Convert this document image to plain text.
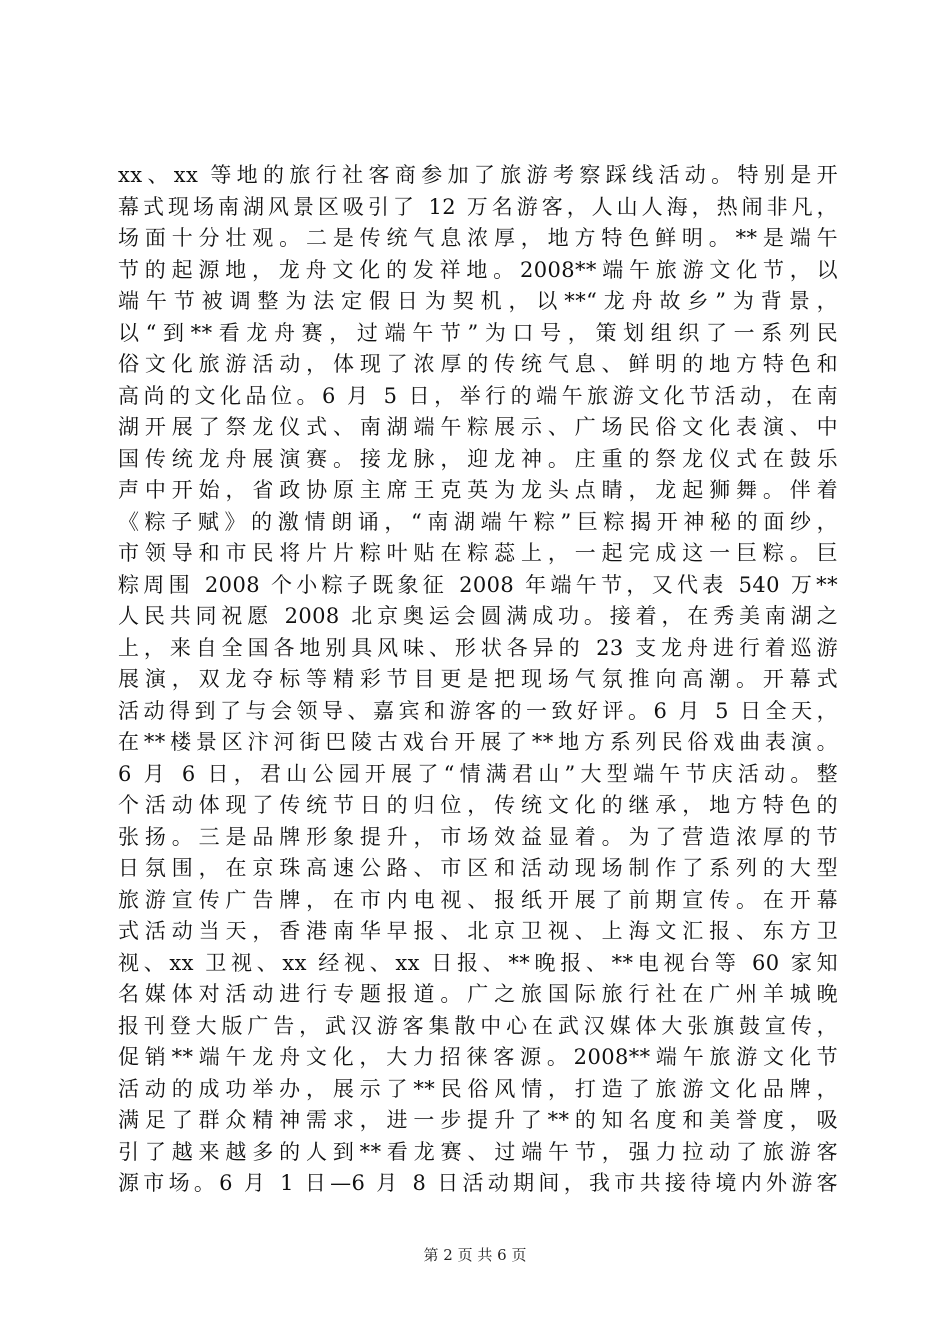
xx、xx 等地的旅行社客商参加了旅游考察踩线活动。特别是开
幕式现场南湖风景区吸引了 12 万名游客，人山人海，热闹非凡，
场面十分壮观。二是传统气息浓厚，地方特色鲜明。**是端午
节的起源地，龙舟文化的发祥地。2008**端午旅游文化节，以
端午节被调整为法定假日为契机，以**“龙舟故乡”为背景，
以“到**看龙舟赛，过端午节”为口号，策划组织了一系列民
俗文化旅游活动，体现了浓厚的传统气息、鲜明的地方特色和
高尚的文化品位。6 月 5 日，举行的端午旅游文化节活动，在南
湖开展了祭龙仪式、南湖端午粽展示、广场民俗文化表演、中
国传统龙舟展演赛。接龙脉，迎龙神。庄重的祭龙仪式在鼓乐
声中开始，省政协原主席王克英为龙头点睛，龙起狮舞。伴着
《粽子赋》的激情朗诵，“南湖端午粽”巨粽揭开神秘的面纱，
市领导和市民将片片粽叶贴在粽蕊上，一起完成这一巨粽。巨
粽周围 2008 个小粽子既象征 2008 年端午节，又代表 540 万**
人民共同祝愿 2008 北京奥运会圆满成功。接着，在秀美南湖之
上，来自全国各地别具风味、形状各异的 23 支龙舟进行着巡游
展演，双龙夺标等精彩节目更是把现场气氛推向高潮。开幕式
活动得到了与会领导、嘉宾和游客的一致好评。6 月 5 日全天，
在**楼景区汴河街巴陵古戏台开展了**地方系列民俗戏曲表演。
6 月 6 日，君山公园开展了“情满君山”大型端午节庆活动。整
个活动体现了传统节日的归位，传统文化的继承，地方特色的
张扬。三是品牌形象提升，市场效益显着。为了营造浓厚的节
日氛围，在京珠高速公路、市区和活动现场制作了系列的大型
旅游宣传广告牌，在市内电视、报纸开展了前期宣传。在开幕
式活动当天，香港南华早报、北京卫视、上海文汇报、东方卫
视、xx 卫视、xx 经视、xx 日报、**晚报、**电视台等 60 家知
名媒体对活动进行专题报道。广之旅国际旅行社在广州羊城晚
报刊登大版广告，武汉游客集散中心在武汉媒体大张旗鼓宣传，
促销**端午龙舟文化，大力招徕客源。2008**端午旅游文化节
活动的成功举办，展示了**民俗风情，打造了旅游文化品牌，
满足了群众精神需求，进一步提升了**的知名度和美誉度，吸
引了越来越多的人到**看龙赛、过端午节，强力拉动了旅游客
源市场。6 月 1 日—6 月 8 日活动期间，我市共接待境内外游客
第 2 页 共 6 页
